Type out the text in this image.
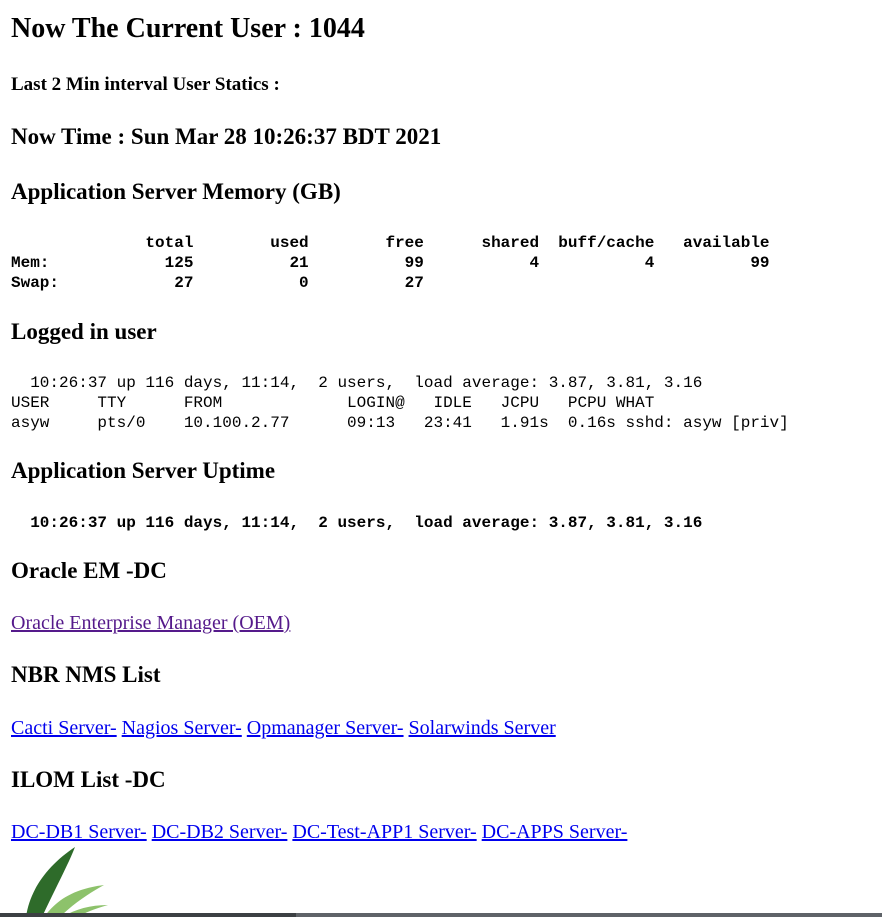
Now The Current User : 1044
Last 2 Min interval User Statics :
Now Time : Sun Mar 28 10:26:37 BDT 2021
Application Server Memory (GB)
total        used        free      shared  buff/cache   available
Mem:            125          21          99           4           4          99
Swap:            27           0          27
Logged in user
10:26:37 up 116 days, 11:14,  2 users,  load average: 3.87, 3.81, 3.16
USER     TTY      FROM             LOGIN@   IDLE   JCPU   PCPU WHAT
asyw     pts/0    10.100.2.77      09:13   23:41   1.91s  0.16s sshd: asyw [priv]
Application Server Uptime
10:26:37 up 116 days, 11:14,  2 users,  load average: 3.87, 3.81, 3.16
Oracle EM -DC
Oracle Enterprise Manager (OEM)
NBR NMS List
Cacti Server- Nagios Server- Opmanager Server- Solarwinds Server
ILOM List -DC
DC-DB1 Server- DC-DB2 Server- DC-Test-APP1 Server- DC-APPS Server-
